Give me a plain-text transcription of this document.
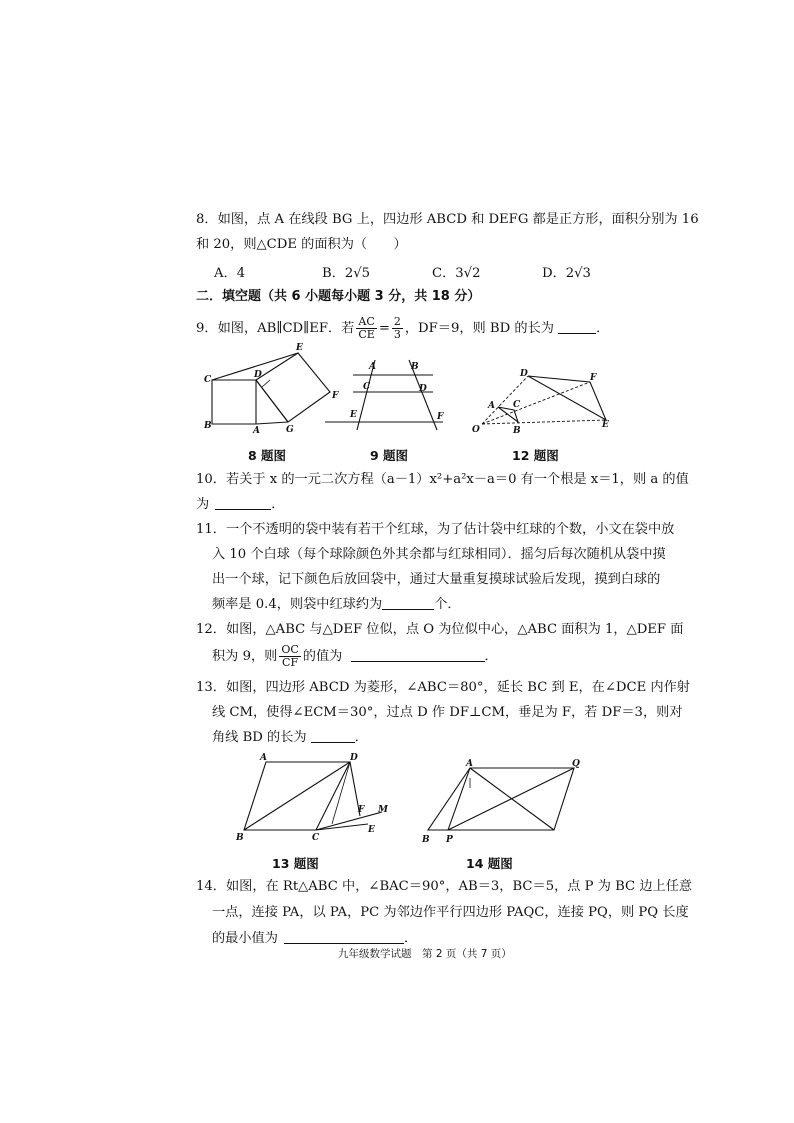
8．如图，点 A 在线段 BG 上，四边形 ABCD 和 DEFG 都是正方形，面积分别为 16
和 20，则△CDE 的面积为（　　）
A．4	B．2√5	C．3√2	D．2√3
二．填空题（共 6 小题每小题 3 分，共 18 分）
9．如图，AB∥CD∥EF．若 $\frac{AC}{CE} = \frac{2}{3}$ ，DF＝9，则 BD 的长为	．
E
C	D
F
B	A	G
8 题图
A	B
C	D
E	F
9 题图
D	F
A C
O	B
E
12 题图
10．若关于 x 的一元二次方程（a－1）x²+a²x－a＝0 有一个根是 x＝1，则 a 的值
为	．
11．一个不透明的袋中装有若干个红球，为了估计袋中红球的个数，小文在袋中放
入 10 个白球（每个球除颜色外其余都与红球相同）．摇匀后每次随机从袋中摸
出一个球，记下颜色后放回袋中，通过大量重复摸球试验后发现，摸到白球的
频率是 0.4，则袋中红球约为	个．
12．如图，△ABC 与△DEF 位似，点 O 为位似中心，△ABC 面积为 1，△DEF 面
积为 9，则 $\frac{OC}{CF}$ 的值为	．
13．如图，四边形 ABCD 为菱形，∠ABC＝80°，延长 BC 到 E，在∠DCE 内作射
线 CM，使得∠ECM＝30°，过点 D 作 DF⊥CM，垂足为 F，若 DF＝3，则对
角线 BD 的长为	．
A	D
F M
B	C
E
13 题图
A	Q
B P
14 题图
14．如图，在 Rt△ABC 中，∠BAC＝90°，AB＝3，BC＝5，点 P 为 BC 边上任意
一点，连接 PA，以 PA，PC 为邻边作平行四边形 PAQC，连接 PQ，则 PQ 长度
的最小值为	．
九年级数学试题　第 2 页（共 7 页）
